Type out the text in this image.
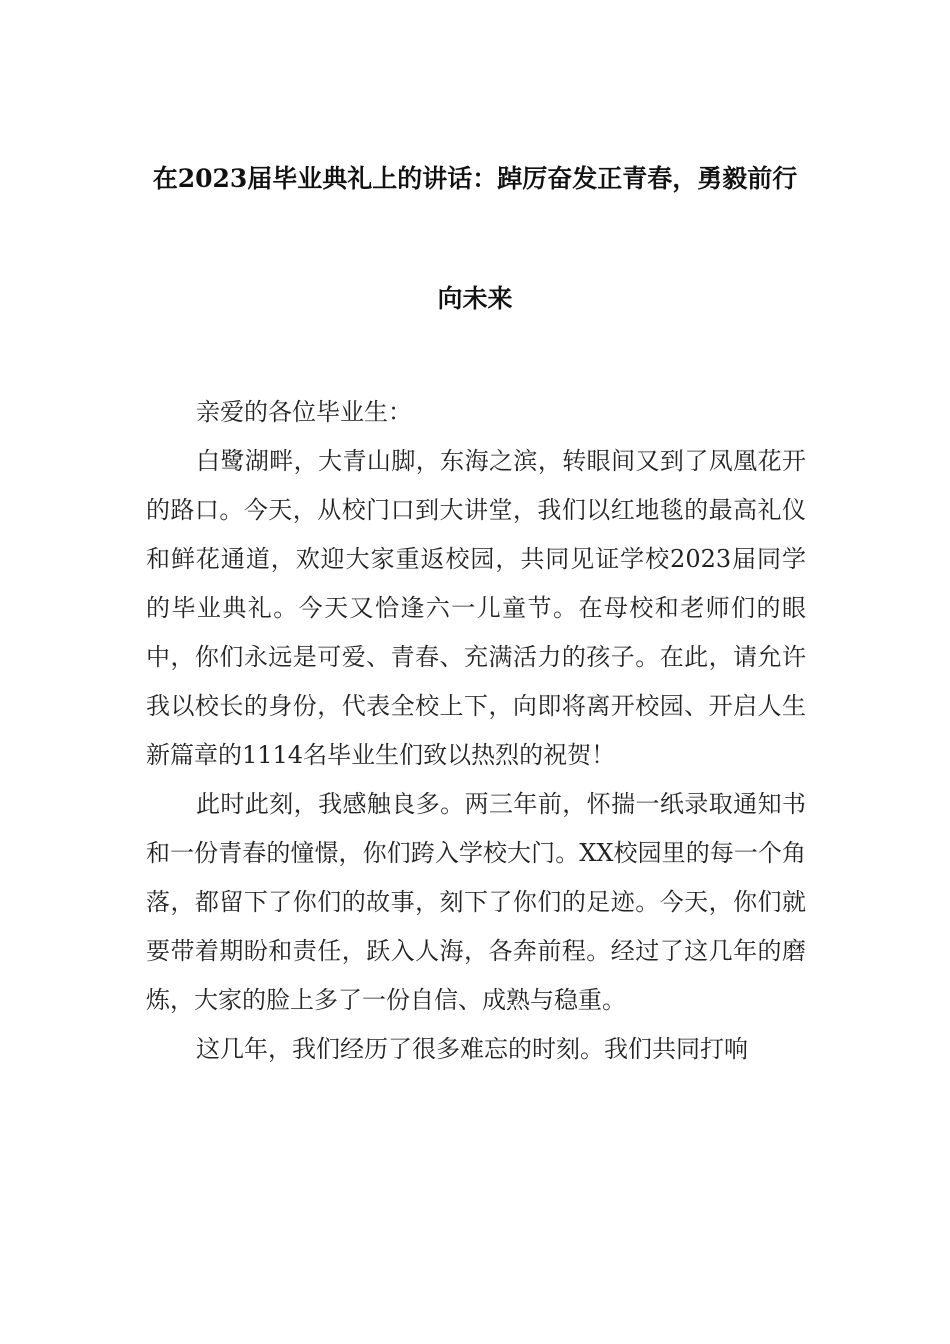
在2023届毕业典礼上的讲话：踔厉奋发正青春，勇毅前行
向未来

亲爱的各位毕业生：

白鹭湖畔，大青山脚，东海之滨，转眼间又到了凤凰花开的路口。今天，从校门口到大讲堂，我们以红地毯的最高礼仪和鲜花通道，欢迎大家重返校园，共同见证学校2023届同学的毕业典礼。今天又恰逢六一儿童节。在母校和老师们的眼中，你们永远是可爱、青春、充满活力的孩子。在此，请允许我以校长的身份，代表全校上下，向即将离开校园、开启人生新篇章的1114名毕业生们致以热烈的祝贺！

此时此刻，我感触良多。两三年前，怀揣一纸录取通知书和一份青春的憧憬，你们跨入学校大门。XX校园里的每一个角落，都留下了你们的故事，刻下了你们的足迹。今天，你们就要带着期盼和责任，跃入人海，各奔前程。经过了这几年的磨炼，大家的脸上多了一份自信、成熟与稳重。

这几年，我们经历了很多难忘的时刻。我们共同打响
